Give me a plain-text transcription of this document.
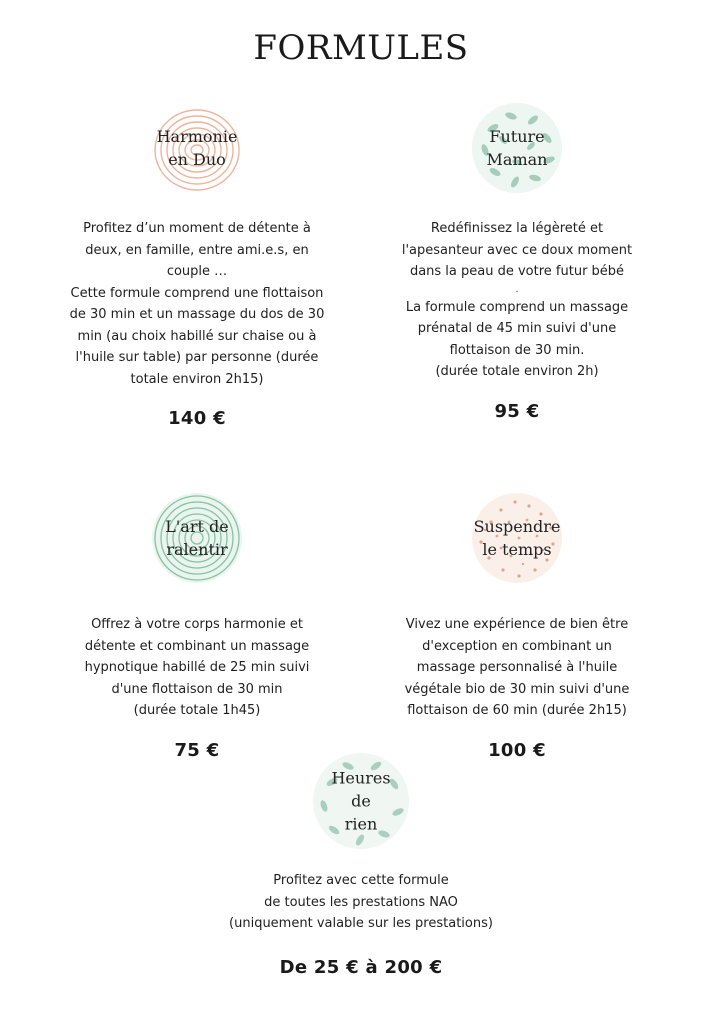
FORMULES
Harmonie
en Duo
Profitez d’un moment de détente à
deux, en famille, entre ami.e.s, en
couple …
Cette formule comprend une flottaison
de 30 min et un massage du dos de 30
min (au choix habillé sur chaise ou à
l'huile sur table) par personne (durée
totale environ 2h15)
140 €
Future
Maman
Redéfinissez la légèreté et
l'apesanteur avec ce doux moment
dans la peau de votre futur bébé
.
La formule comprend un massage
prénatal de 45 min suivi d'une
flottaison de 30 min.
(durée totale environ 2h)
95 €
L'art de
ralentir
Offrez à votre corps harmonie et
détente et combinant un massage
hypnotique habillé de 25 min suivi
d'une flottaison de 30 min
(durée totale 1h45)
75 €
Suspendre
le temps
Vivez une expérience de bien être
d'exception en combinant un
massage personnalisé à l'huile
végétale bio de 30 min suivi d'une
flottaison de 60 min (durée 2h15)
100 €
Heures
de
rien
Profitez avec cette formule
de toutes les prestations NAO
(uniquement valable sur les prestations)
De 25 € à 200 €
